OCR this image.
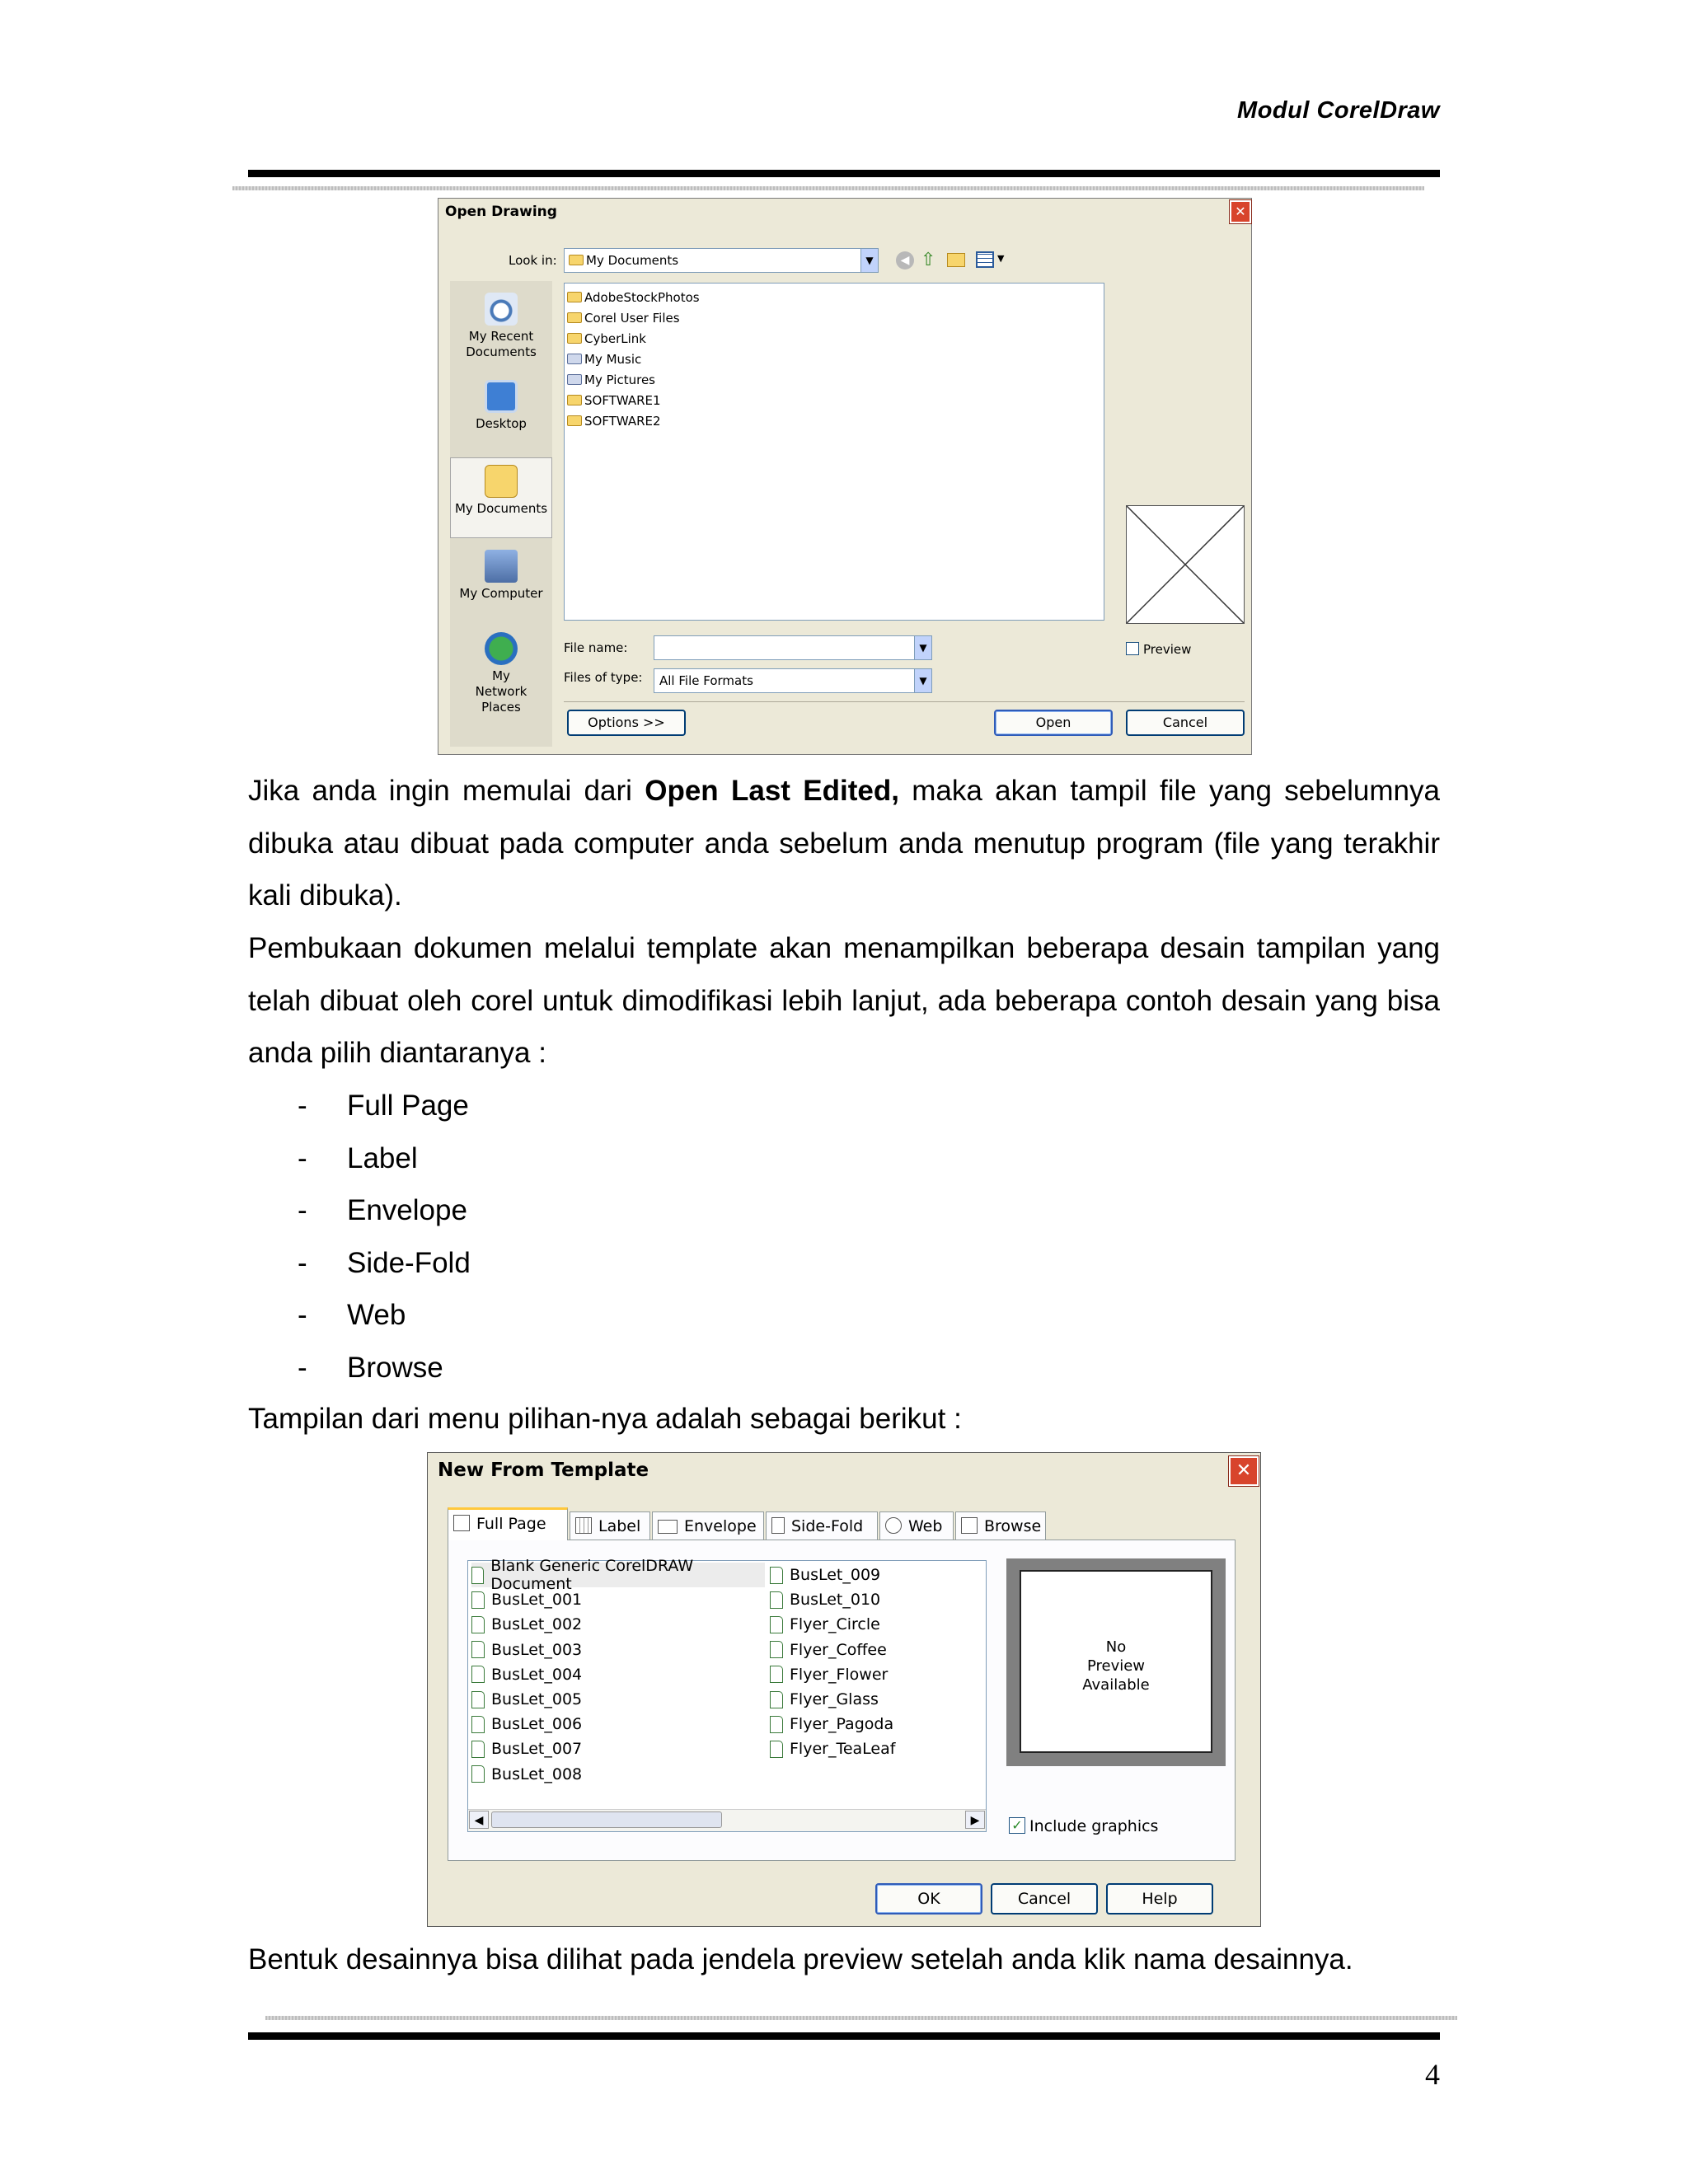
Modul CorelDraw
Open Drawing	✕
Look in:	My Documents	▼	◀ ⇧	▼
My Recent Documents
Desktop
My Documents
My Computer
My Network Places
AdobeStockPhotos
Corel User Files
CyberLink
My Music
My Pictures
SOFTWARE1
SOFTWARE2
Preview
File name:	▼
Files of type:	All File Formats	▼
Options >>	Open	Cancel
Jika anda ingin memulai dari Open Last Edited, maka akan tampil file yang sebelumnya dibuka atau dibuat pada computer anda sebelum anda menutup program (file yang terakhir kali dibuka).
Pembukaan dokumen melalui template akan menampilkan beberapa desain tampilan yang telah dibuat oleh corel untuk dimodifikasi lebih lanjut, ada beberapa contoh desain yang bisa anda pilih diantaranya :
- Full Page
- Label
- Envelope
- Side-Fold
- Web
- Browse
Tampilan dari menu pilihan-nya adalah sebagai berikut :
New From Template	✕
Full Page	Label	Envelope	Side-Fold	Web	Browse
Blank Generic CorelDRAW Document
BusLet_001
BusLet_002
BusLet_003
BusLet_004
BusLet_005
BusLet_006
BusLet_007
BusLet_008
BusLet_009
BusLet_010
Flyer_Circle
Flyer_Coffee
Flyer_Flower
Flyer_Glass
Flyer_Pagoda
Flyer_TeaLeaf
◀	▶
No
Preview
Available
✓ Include graphics
OK	Cancel	Help
Bentuk desainnya bisa dilihat pada jendela preview setelah anda klik nama desainnya.
4
